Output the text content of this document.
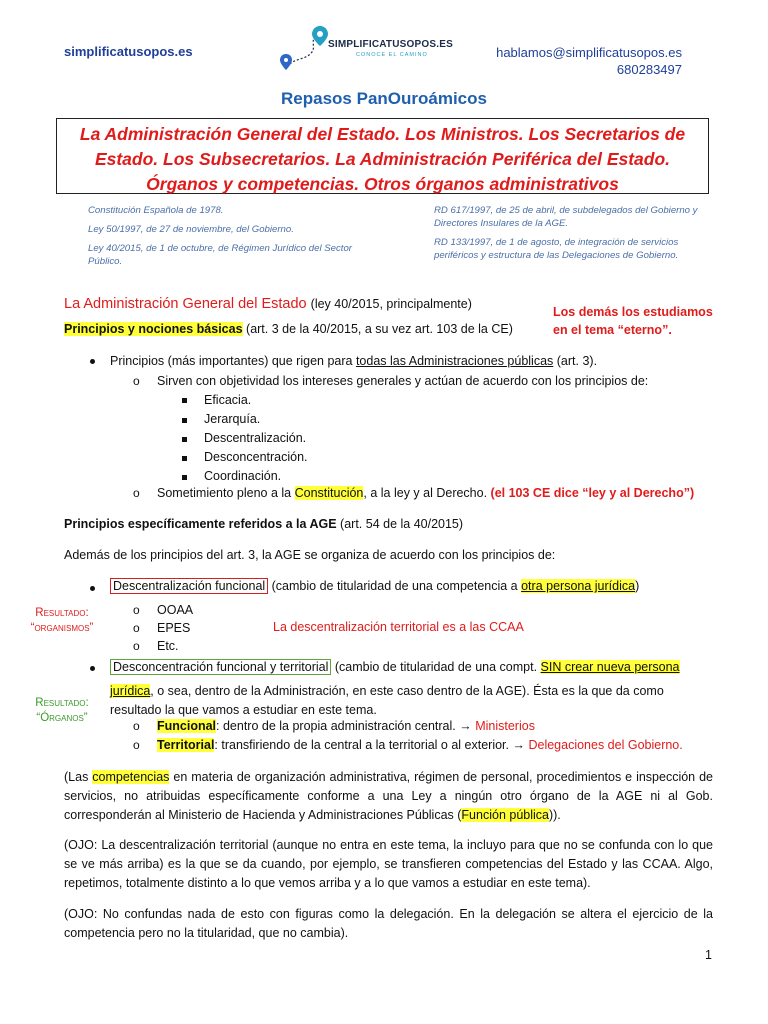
simplificatusopos.es	SIMPLIFICATUSOPOS.ES
CONOCE EL CAMINO	hablamos@simplificatusopos.es
680283497
Repasos PanOuroámicos
La Administración General del Estado. Los Ministros. Los Secretarios de
Estado. Los Subsecretarios. La Administración Periférica del Estado.
Órganos y competencias. Otros órganos administrativos

Constitución Española de 1978.

Ley 50/1997, de 27 de noviembre, del Gobierno.

Ley 40/2015, de 1 de octubre, de Régimen Jurídico del Sector Público.

RD 617/1997, de 25 de abril, de subdelegados del Gobierno y Directores Insulares de la AGE.

RD 133/1997, de 1 de agosto, de integración de servicios periféricos y estructura de las Delegaciones de Gobierno.

La Administración General del Estado (ley 40/2015, principalmente)
Los demás los estudiamos
en el tema “eterno”.
Principios y nociones básicas (art. 3 de la 40/2015, a su vez art. 103 de la CE)
Principios (más importantes) que rigen para todas las Administraciones públicas (art. 3).
o Sirven con objetividad los intereses generales y actúan de acuerdo con los principios de:
Eficacia.
Jerarquía.
Descentralización.
Desconcentración.
Coordinación.
o Sometimiento pleno a la Constitución, a la ley y al Derecho. (el 103 CE dice “ley y al Derecho”)
Principios específicamente referidos a la AGE (art. 54 de la 40/2015)
Además de los principios del art. 3, la AGE se organiza de acuerdo con los principios de:
Descentralización funcional (cambio de titularidad de una competencia a otra persona jurídica)
Resultado:
“organismos”
o OOAA
o EPES
o Etc.
La descentralización territorial es a las CCAA
Desconcentración funcional y territorial (cambio de titularidad de una compt. SIN crear nueva persona
jurídica, o sea, dentro de la Administración, en este caso dentro de la AGE). Ésta es la que da como
resultado la que vamos a estudiar en este tema.
Resultado:
“Órganos”
o Funcional: dentro de la propia administración central. → Ministerios
o Territorial: transfiriendo de la central a la territorial o al exterior. → Delegaciones del Gobierno.
(Las competencias en materia de organización administrativa, régimen de personal, procedimientos e inspección de servicios, no atribuidas específicamente conforme a una Ley a ningún otro órgano de la AGE ni al Gob. corresponderán al Ministerio de Hacienda y Administraciones Públicas (Función pública)).
(OJO: La descentralización territorial (aunque no entra en este tema, la incluyo para que no se confunda con lo que se ve más arriba) es la que se da cuando, por ejemplo, se transfieren competencias del Estado y las CCAA. Algo, repetimos, totalmente distinto a lo que vemos arriba y a lo que vamos a estudiar en este tema).
(OJO: No confundas nada de esto con figuras como la delegación. En la delegación se altera el ejercicio de la competencia pero no la titularidad, que no cambia).
1
